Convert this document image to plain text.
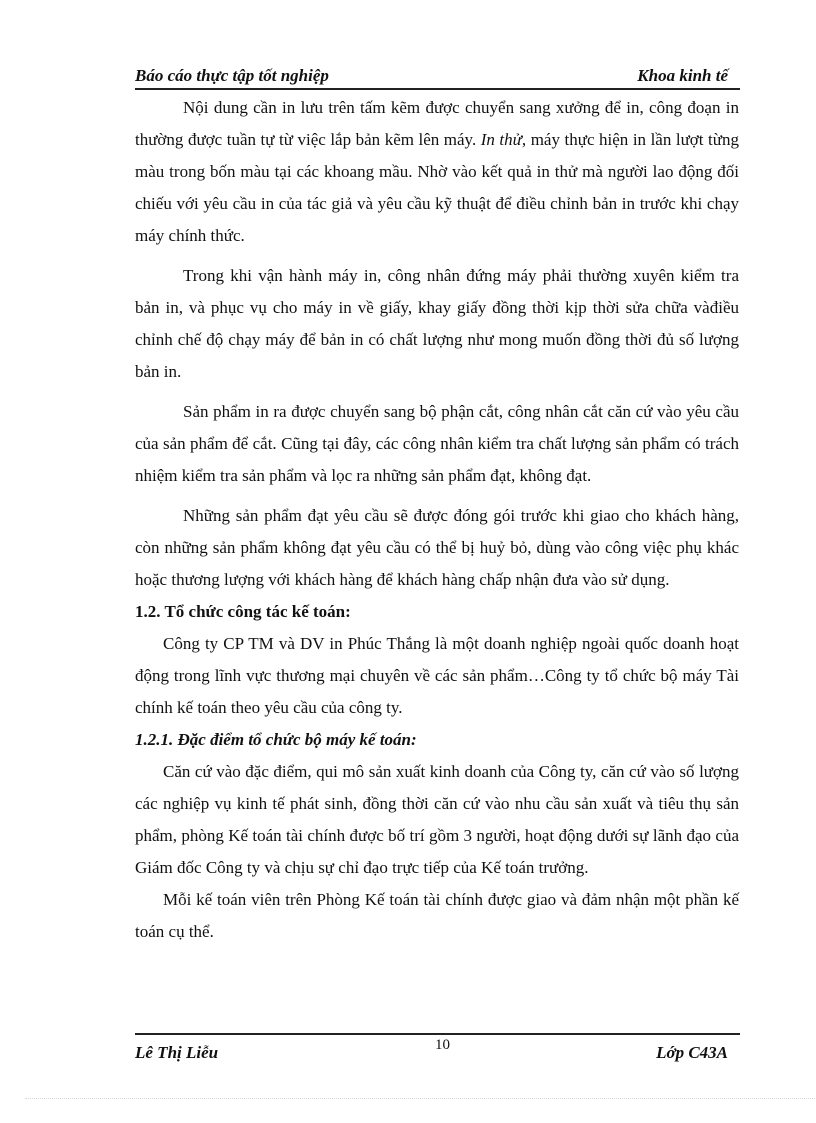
Báo cáo thực tập tốt nghiệp	Khoa kinh tế

Nội dung cần in lưu trên tấm kẽm được chuyển sang xưởng để in, công đoạn in thường được tuần tự từ việc lắp bản kẽm lên máy. In thử, máy thực hiện in lần lượt từng màu trong bốn màu tại các khoang mầu. Nhờ vào kết quả in thử mà người lao động đối chiếu với yêu cầu in của tác giả và yêu cầu kỹ thuật để điều chỉnh bản in trước khi chạy máy chính thức.

Trong khi vận hành máy in, công nhân đứng máy phải thường xuyên kiểm tra bản in, và phục vụ cho máy in về giấy, khay giấy đồng thời kịp thời sửa chữa vàđiều chỉnh chế độ chạy máy để bản in có chất lượng như mong muốn đồng thời đủ số lượng bản in.

Sản phẩm in ra được chuyển sang bộ phận cắt, công nhân cắt căn cứ vào yêu cầu của sản phẩm để cắt. Cũng tại đây, các công nhân kiểm tra chất lượng sản phẩm có trách nhiệm kiểm tra sản phẩm và lọc ra những sản phẩm đạt, không đạt.

Những sản phẩm đạt yêu cầu sẽ được đóng gói trước khi giao cho khách hàng, còn những sản phẩm không đạt yêu cầu có thể bị huỷ bỏ, dùng vào công việc phụ khác hoặc thương lượng với khách hàng để khách hàng chấp nhận đưa vào sử dụng.

1.2. Tổ chức công tác kế toán:

Công ty CP TM và DV in Phúc Thắng là một doanh nghiệp ngoài quốc doanh hoạt động trong lĩnh vực thương mại chuyên về các sản phẩm…Công ty tổ chức bộ máy Tài chính kế toán theo yêu cầu của công ty.

1.2.1. Đặc điểm tổ chức bộ máy kế toán:

Căn cứ vào đặc điểm, qui mô sản xuất kinh doanh của Công ty, căn cứ vào số lượng các nghiệp vụ kinh tế phát sinh, đồng thời căn cứ vào nhu cầu sản xuất và tiêu thụ sản phẩm, phòng Kế toán tài chính được bố trí gồm 3 người, hoạt động dưới sự lãnh đạo của Giám đốc Công ty và chịu sự chỉ đạo trực tiếp của Kế toán trưởng.

Mỗi kế toán viên trên Phòng Kế toán tài chính được giao và đảm nhận một phần kế toán cụ thể.

Lê Thị Liễu	10	Lớp C43A
